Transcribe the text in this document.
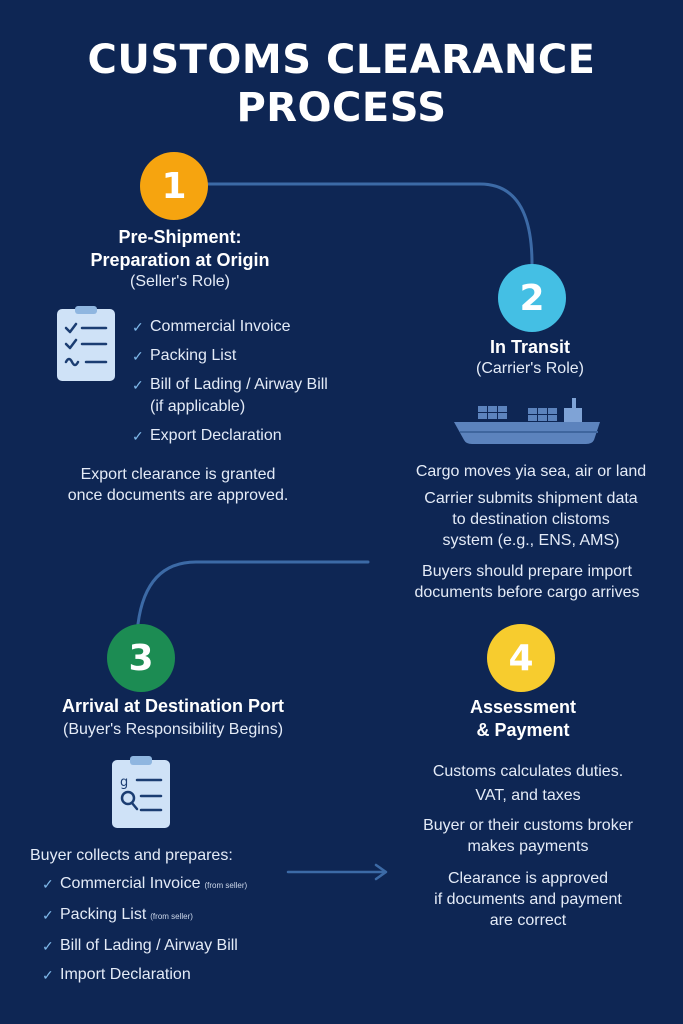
CUSTOMS CLEARANCE
PROCESS
1
Pre-Shipment:
Preparation at Origin
(Seller's Role)
✓ Commercial Invoice
✓ Packing List
✓ Bill of Lading / Airway Bill
(if applicable)
✓ Export Declaration
Export clearance is granted
once documents are approved.
2
In Transit
(Carrier's Role)
Cargo moves yia sea, air or land
Carrier submits shipment data
to destination clistoms
system (e.g., ENS, AMS)
Buyers should prepare import
documents before cargo arrives
3
Arrival at Destination Port
(Buyer's Responsibility Begins)
g
Buyer collects and prepares:
✓ Commercial Invoice (from seller)
✓ Packing List (from seller)
✓ Bill of Lading / Airway Bill
✓ Import Declaration
4
Assessment
& Payment
Customs calculates duties.
VAT, and taxes
Buyer or their customs broker
makes payments
Clearance is approved
if documents and payment
are correct
